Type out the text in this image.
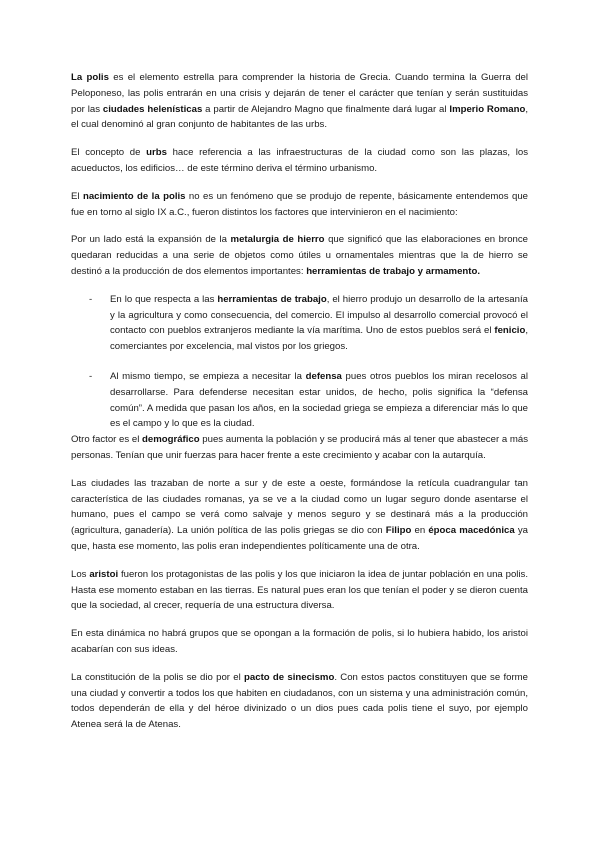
La polis es el elemento estrella para comprender la historia de Grecia. Cuando termina la Guerra del Peloponeso, las polis entrarán en una crisis y dejarán de tener el carácter que tenían y serán sustituidas por las ciudades helenísticas a partir de Alejandro Magno que finalmente dará lugar al Imperio Romano, el cual denominó al gran conjunto de habitantes de las urbs.

El concepto de urbs hace referencia a las infraestructuras de la ciudad como son las plazas, los acueductos, los edificios… de este término deriva el término urbanismo.

El nacimiento de la polis no es un fenómeno que se produjo de repente, básicamente entendemos que fue en torno al siglo IX a.C., fueron distintos los factores que intervinieron en el nacimiento:

Por un lado está la expansión de la metalurgia de hierro que significó que las elaboraciones en bronce quedaran reducidas a una serie de objetos como útiles u ornamentales mientras que la de hierro se destinó a la producción de dos elementos importantes: herramientas de trabajo y armamento.

- En lo que respecta a las herramientas de trabajo, el hierro produjo un desarrollo de la artesanía y la agricultura y como consecuencia, del comercio. El impulso al desarrollo comercial provocó el contacto con pueblos extranjeros mediante la vía marítima. Uno de estos pueblos será el fenicio, comerciantes por excelencia, mal vistos por los griegos.
- Al mismo tiempo, se empieza a necesitar la defensa pues otros pueblos los miran recelosos al desarrollarse. Para defenderse necesitan estar unidos, de hecho, polis significa la “defensa común”. A medida que pasan los años, en la sociedad griega se empieza a diferenciar más lo que es el campo y lo que es la ciudad.

Otro factor es el demográfico pues aumenta la población y se producirá más al tener que abastecer a más personas. Tenían que unir fuerzas para hacer frente a este crecimiento y acabar con la autarquía.

Las ciudades las trazaban de norte a sur y de este a oeste, formándose la retícula cuadrangular tan característica de las ciudades romanas, ya se ve a la ciudad como un lugar seguro donde asentarse el humano, pues el campo se verá como salvaje y menos seguro y se destinará más a la producción (agricultura, ganadería). La unión política de las polis griegas se dio con Filipo en época macedónica ya que, hasta ese momento, las polis eran independientes políticamente una de otra.

Los aristoi fueron los protagonistas de las polis y los que iniciaron la idea de juntar población en una polis. Hasta ese momento estaban en las tierras. Es natural pues eran los que tenían el poder y se dieron cuenta que la sociedad, al crecer, requería de una estructura diversa.

En esta dinámica no habrá grupos que se opongan a la formación de polis, si lo hubiera habido, los aristoi acabarían con sus ideas.

La constitución de la polis se dio por el pacto de sinecismo. Con estos pactos constituyen que se forme una ciudad y convertir a todos los que habiten en ciudadanos, con un sistema y una administración común, todos dependerán de ella y del héroe divinizado o un dios pues cada polis tiene el suyo, por ejemplo Atenea será la de Atenas.
